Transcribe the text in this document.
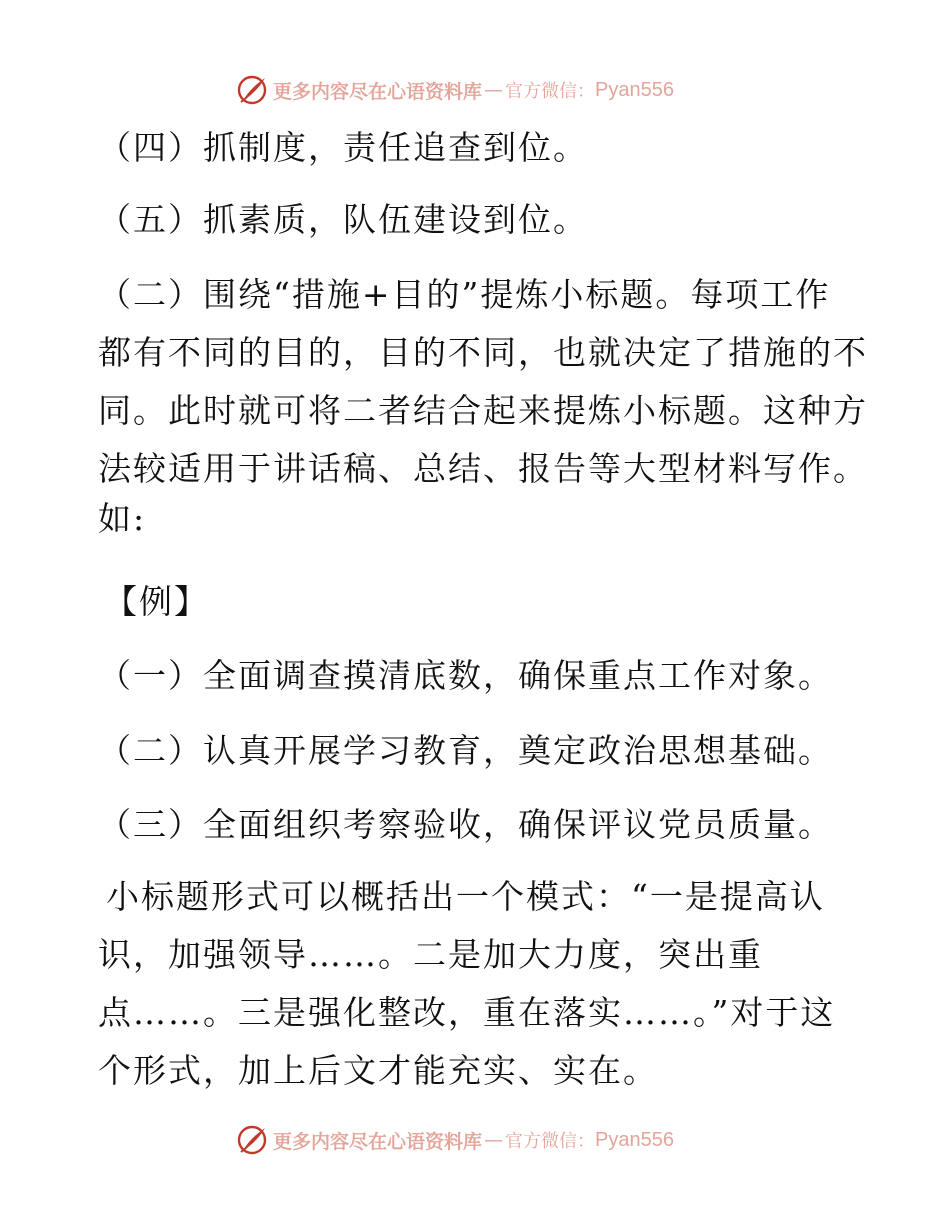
更多内容尽在心语资料库 — 官方微信： Pyan556
（四）抓制度，责任追查到位。
（五）抓素质，队伍建设到位。
（二）围绕“措施+目的”提炼小标题。每项工作
都有不同的目的，目的不同，也就决定了措施的不
同。此时就可将二者结合起来提炼小标题。这种方
法较适用于讲话稿、总结、报告等大型材料写作。
如:
【例】
（一）全面调查摸清底数，确保重点工作对象。
（二）认真开展学习教育，奠定政治思想基础。
（三）全面组织考察验收，确保评议党员质量。
小标题形式可以概括出一个模式：“一是提高认
识，加强领导……。二是加大力度，突出重
点……。三是强化整改，重在落实……。”对于这
个形式，加上后文才能充实、实在。
更多内容尽在心语资料库 — 官方微信： Pyan556
